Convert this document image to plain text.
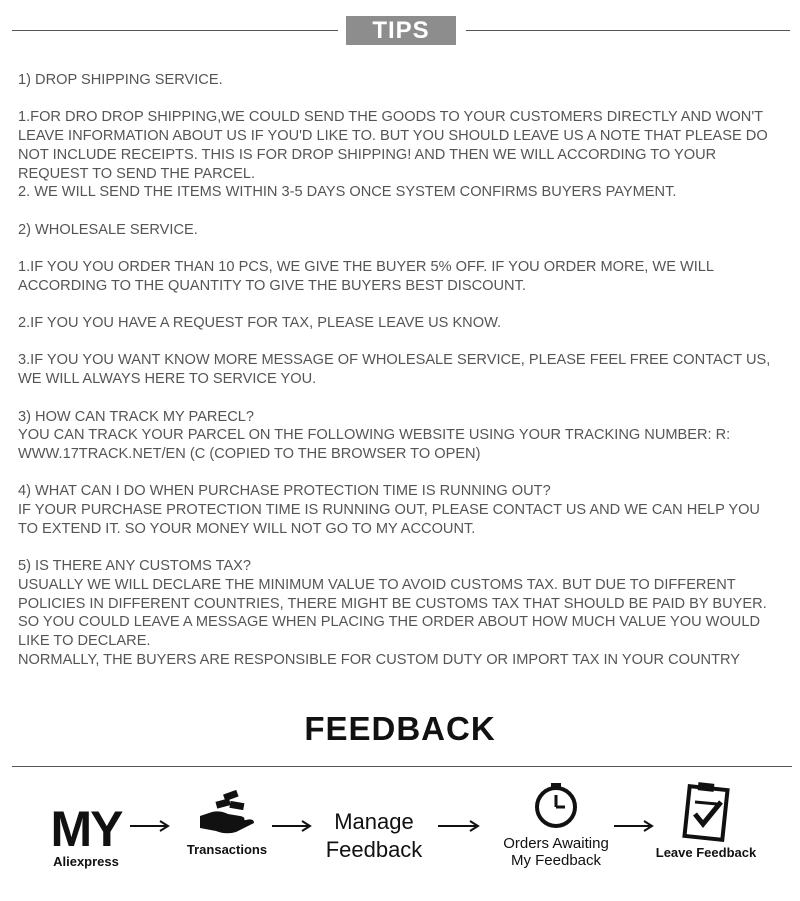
TIPS

1) DROP SHIPPING SERVICE.

1.FOR DRO DROP SHIPPING,WE COULD SEND THE GOODS TO YOUR CUSTOMERS DIRECTLY AND WON'T

LEAVE INFORMATION ABOUT US IF YOU'D LIKE TO. BUT YOU SHOULD LEAVE US A NOTE THAT PLEASE DO

NOT INCLUDE RECEIPTS. THIS IS FOR DROP SHIPPING! AND THEN WE WILL ACCORDING TO YOUR

REQUEST TO SEND THE PARCEL.

2. WE WILL SEND THE ITEMS WITHIN 3-5 DAYS ONCE SYSTEM CONFIRMS BUYERS PAYMENT.

2) WHOLESALE SERVICE.

1.IF YOU YOU ORDER THAN 10 PCS, WE GIVE THE BUYER 5% OFF. IF YOU ORDER MORE, WE WILL

ACCORDING TO THE QUANTITY TO GIVE THE BUYERS BEST DISCOUNT.

2.IF YOU YOU HAVE A REQUEST FOR TAX, PLEASE LEAVE US KNOW.

3.IF YOU YOU WANT KNOW MORE MESSAGE OF WHOLESALE SERVICE, PLEASE FEEL FREE CONTACT US,

WE WILL ALWAYS HERE TO SERVICE YOU.

3) HOW CAN TRACK MY PARECL?

YOU CAN TRACK YOUR PARCEL ON THE FOLLOWING WEBSITE USING YOUR TRACKING NUMBER: R:

WWW.17TRACK.NET/EN (C (COPIED TO THE BROWSER TO OPEN)

4) WHAT CAN I DO WHEN PURCHASE PROTECTION TIME IS RUNNING OUT?

IF YOUR PURCHASE PROTECTION TIME IS RUNNING OUT, PLEASE CONTACT US AND WE CAN HELP YOU

TO EXTEND IT. SO YOUR MONEY WILL NOT GO TO MY ACCOUNT.

5) IS THERE ANY CUSTOMS TAX?

USUALLY WE WILL DECLARE THE MINIMUM VALUE TO AVOID CUSTOMS TAX. BUT DUE TO DIFFERENT

POLICIES IN DIFFERENT COUNTRIES, THERE MIGHT BE CUSTOMS TAX THAT SHOULD BE PAID BY BUYER.

SO YOU COULD LEAVE A MESSAGE WHEN PLACING THE ORDER ABOUT HOW MUCH VALUE YOU WOULD

LIKE TO DECLARE.

NORMALLY, THE BUYERS ARE RESPONSIBLE FOR CUSTOM DUTY OR IMPORT TAX IN YOUR COUNTRY

FEEDBACK
MY
Aliexpress
Transactions
Manage
Feedback	Orders Awaiting
My Feedback	Leave Feedback
